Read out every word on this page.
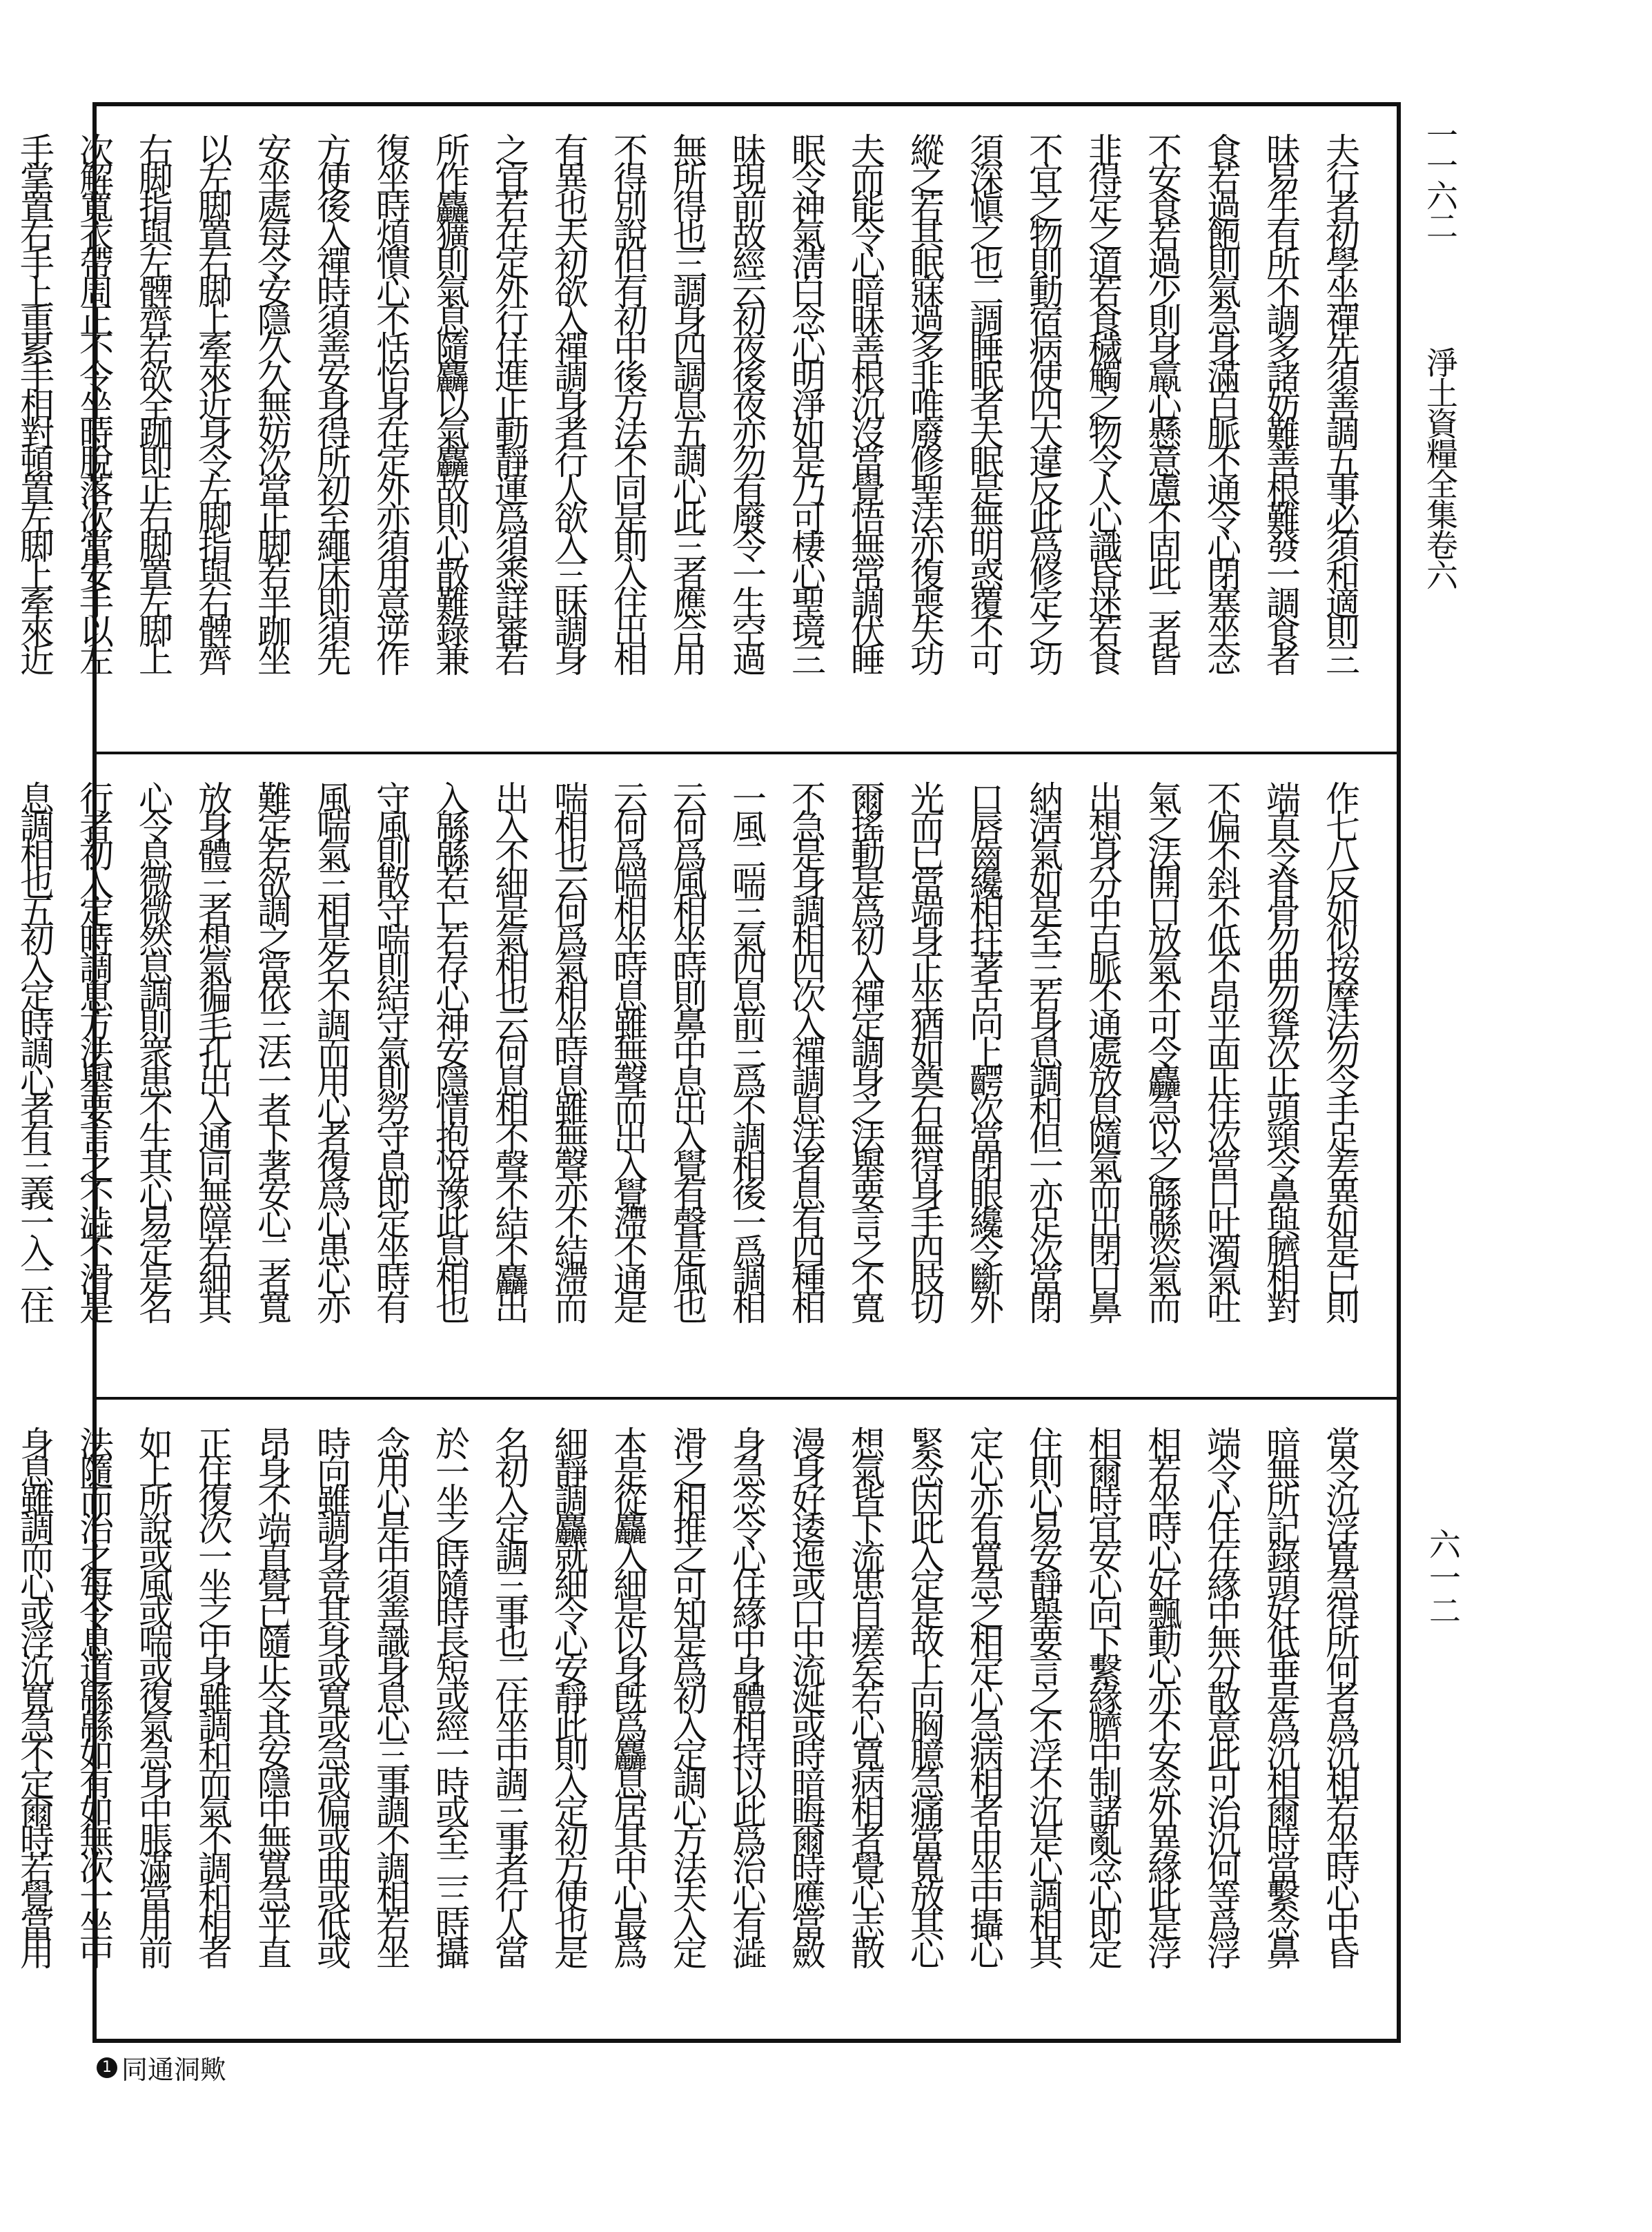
夫行者初學坐禪先須善調五事必須和適則三
昧易生有所不調多諸妨難善根難發一調食者
食若過飽則氣急身滿百脈不通令心閉塞坐念
不安食若過少則身羸心懸意慮不固此二者皆
非得定之道若食穢觸之物令人心識昏迷若食
不宜之物則動宿病使四大違反此爲修定之功
須深愼之也二調睡眠者夫眠是無明惑覆不可
縱之若其眠寐過多非唯廢修聖法亦復喪失功
夫而能令心暗昧善根沉沒當覺悟無常調伏睡
眠令神氣淸白念心明淨如是乃可棲心聖境三
昧現前故經云初夜後夜亦勿有廢令一生空過
無所得也三調身四調息五調心此三者應合用
不得別說但有初中後方法不同是則入住出相
有異也夫初欲入禪調身者行人欲入三昧調身
之宜若在定外行住進止動靜運爲須悉詳審若
所作麤獷則氣息隨麤以氣麤故則心散難錄兼
復坐時煩憒心不恬怡身在定外亦須用意逆作
方便後入禪時須善安身得所初至繩床即須先
安坐處每令安隱久久無妨次當正脚若半跏坐
以左脚置右脚上牽來近身令左脚指與右髀齊
右脚指與左髀齊若欲全跏即正右脚置左脚上
次解寬衣帶周正不令坐時脫落次當安手以左
手掌置右手上重累手相對頓置左脚上牽來近
作七八反如似按摩法勿令手足差異如是已則
端直令脊骨勿曲勿聳次正頭頸令鼻與臍相對
不偏不斜不低不昂平面正住次當口吐濁氣吐
氣之法開口放氣不可令麤急以之緜緜恣氣而
出想身分中百脈不通處放息隨氣而出閉口鼻
納淸氣如是至三若身息調和但一亦足次當閉
口唇齒纔相拄著舌向上齶次當閉眼纔令斷外
光而已當端身正坐猶如奠石無得身手四肢切
爾搖動是爲初入禪定調身之法舉要言之不寬
不急是身調相四次入禪調息法者息有四種相
一風二喘三氣四息前三爲不調相後一爲調相
云何爲風相坐時則鼻中息出入覺有聲是風也
云何爲喘相坐時息雖無聲而出入覺滯不通是
喘相也云何爲氣相坐時息雖無聲亦不結滯而
出入不細是氣相也云何息相不聲不結不麤出
入緜緜若亡若存心神安隱情抱悅豫此息相也
守風則散守喘則結守氣則勞守息即定坐時有
風喘氣三相是名不調而用心者復爲心患心亦
難定若欲調之當依三法一者下著安心二者寬
放身體三者想氣徧毛孔出入通同無障若細其
心令息微微然息調則衆患不生其心易定是名
行者初入定時調息方法舉要言之不澁不滑是
息調相也五初入定時調心者有三義一入二住
當令沉浮寬急得所何者爲沉相若坐時心中昏
暗無所記錄頭好低垂是爲沉相爾時當繫念鼻
端令心住在緣中無分散意此可治沉何等爲浮
相若坐時心好飄動心亦不安念外異緣此是浮
相爾時宜安心向下繫緣臍中制諸亂念心即定
住則心易安靜舉要言之不浮不沉是心調相其
定心亦有寬急之相定心急病相者由坐中攝心
緊念因此入定是故上向胸臆急痛當寬放其心
想氣皆下流患自瘥矣若心寬病相者覺心志散
漫身好逶迤或口中流涎或時暗晦爾時應當斂
身急念令心住緣中身體相持以此爲治心有澁
滑之相推之可知是爲初入定調心方法夫入定
本是從麤入細是以身旣爲麤息居其中心最爲
細靜調麤就細令心安靜此則入定初方便也是
名初入定調三事也二住坐中調三事者行人當
於一坐之時隨時長短或經一時或至二三時攝
念用心是中須善識身息心三事調不調相若坐
時向雖調身竟其身或寬或急或偏或曲或低或
昂身不端直覺已隨正令其安隱中無寬急平直
正住復次一坐之中身雖調和而氣不調和相者
如上所說或風或喘或復氣急身中脹滿當用前
法隨而治之每令息道緜緜如有如無次一坐中
身息雖調而心或浮沉寬急不定爾時若覺當用
一一六二  淨土資糧全集卷六
六一二
1 同通洞歟
